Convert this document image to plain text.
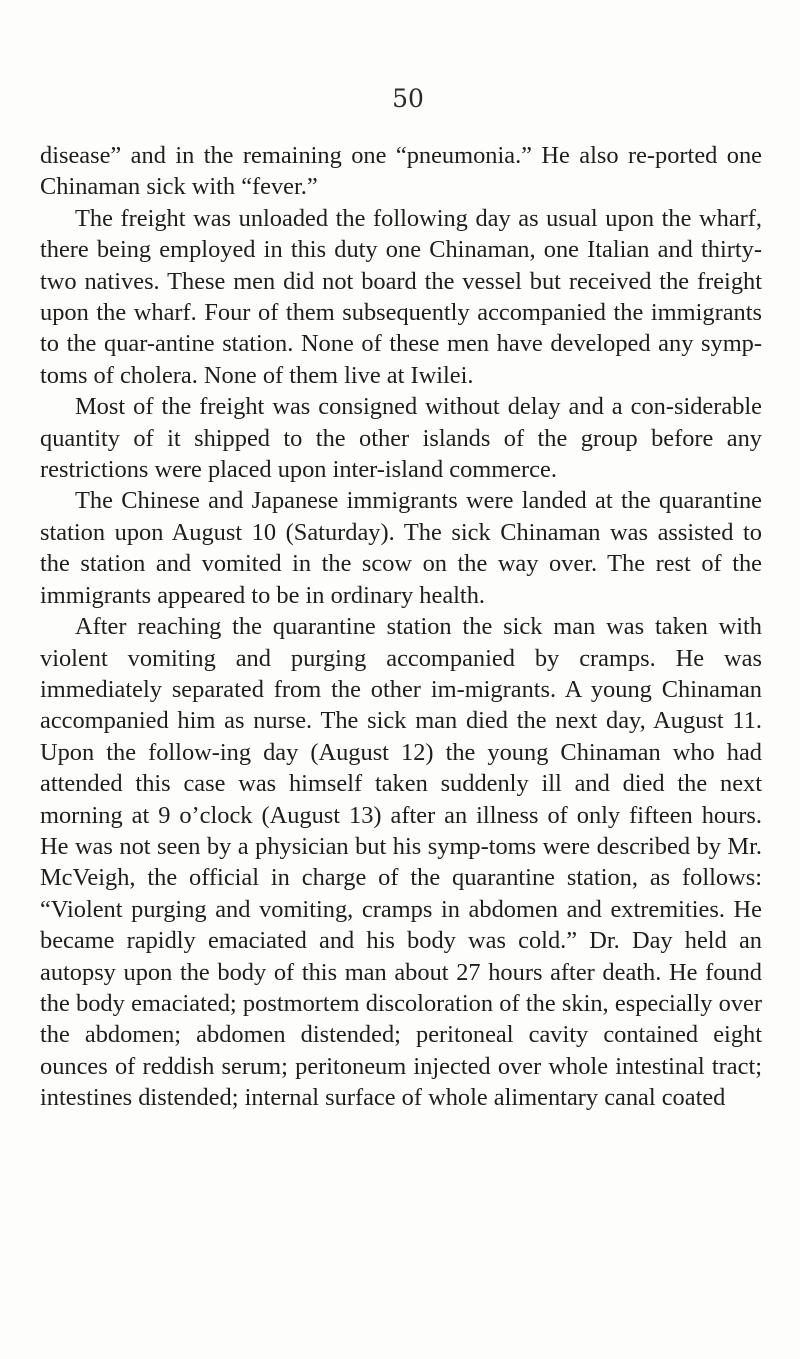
50

disease” and in the remaining one “pneumonia.” He also re-ported one Chinaman sick with “fever.”

The freight was unloaded the following day as usual upon the wharf, there being employed in this duty one Chinaman, one Italian and thirty-two natives. These men did not board the vessel but received the freight upon the wharf. Four of them subsequently accompanied the immigrants to the quar-antine station. None of these men have developed any symp-toms of cholera. None of them live at Iwilei.

Most of the freight was consigned without delay and a con-siderable quantity of it shipped to the other islands of the group before any restrictions were placed upon inter-island commerce.

The Chinese and Japanese immigrants were landed at the quarantine station upon August 10 (Saturday). The sick Chinaman was assisted to the station and vomited in the scow on the way over. The rest of the immigrants appeared to be in ordinary health.

After reaching the quarantine station the sick man was taken with violent vomiting and purging accompanied by cramps. He was immediately separated from the other im-migrants. A young Chinaman accompanied him as nurse. The sick man died the next day, August 11. Upon the follow-ing day (August 12) the young Chinaman who had attended this case was himself taken suddenly ill and died the next morning at 9 o’clock (August 13) after an illness of only fifteen hours. He was not seen by a physician but his symp-toms were described by Mr. McVeigh, the official in charge of the quarantine station, as follows: “Violent purging and vomiting, cramps in abdomen and extremities. He became rapidly emaciated and his body was cold.” Dr. Day held an autopsy upon the body of this man about 27 hours after death. He found the body emaciated; postmortem discoloration of the skin, especially over the abdomen; abdomen distended; peritoneal cavity contained eight ounces of reddish serum; peritoneum injected over whole intestinal tract; intestines distended; internal surface of whole alimentary canal coated
